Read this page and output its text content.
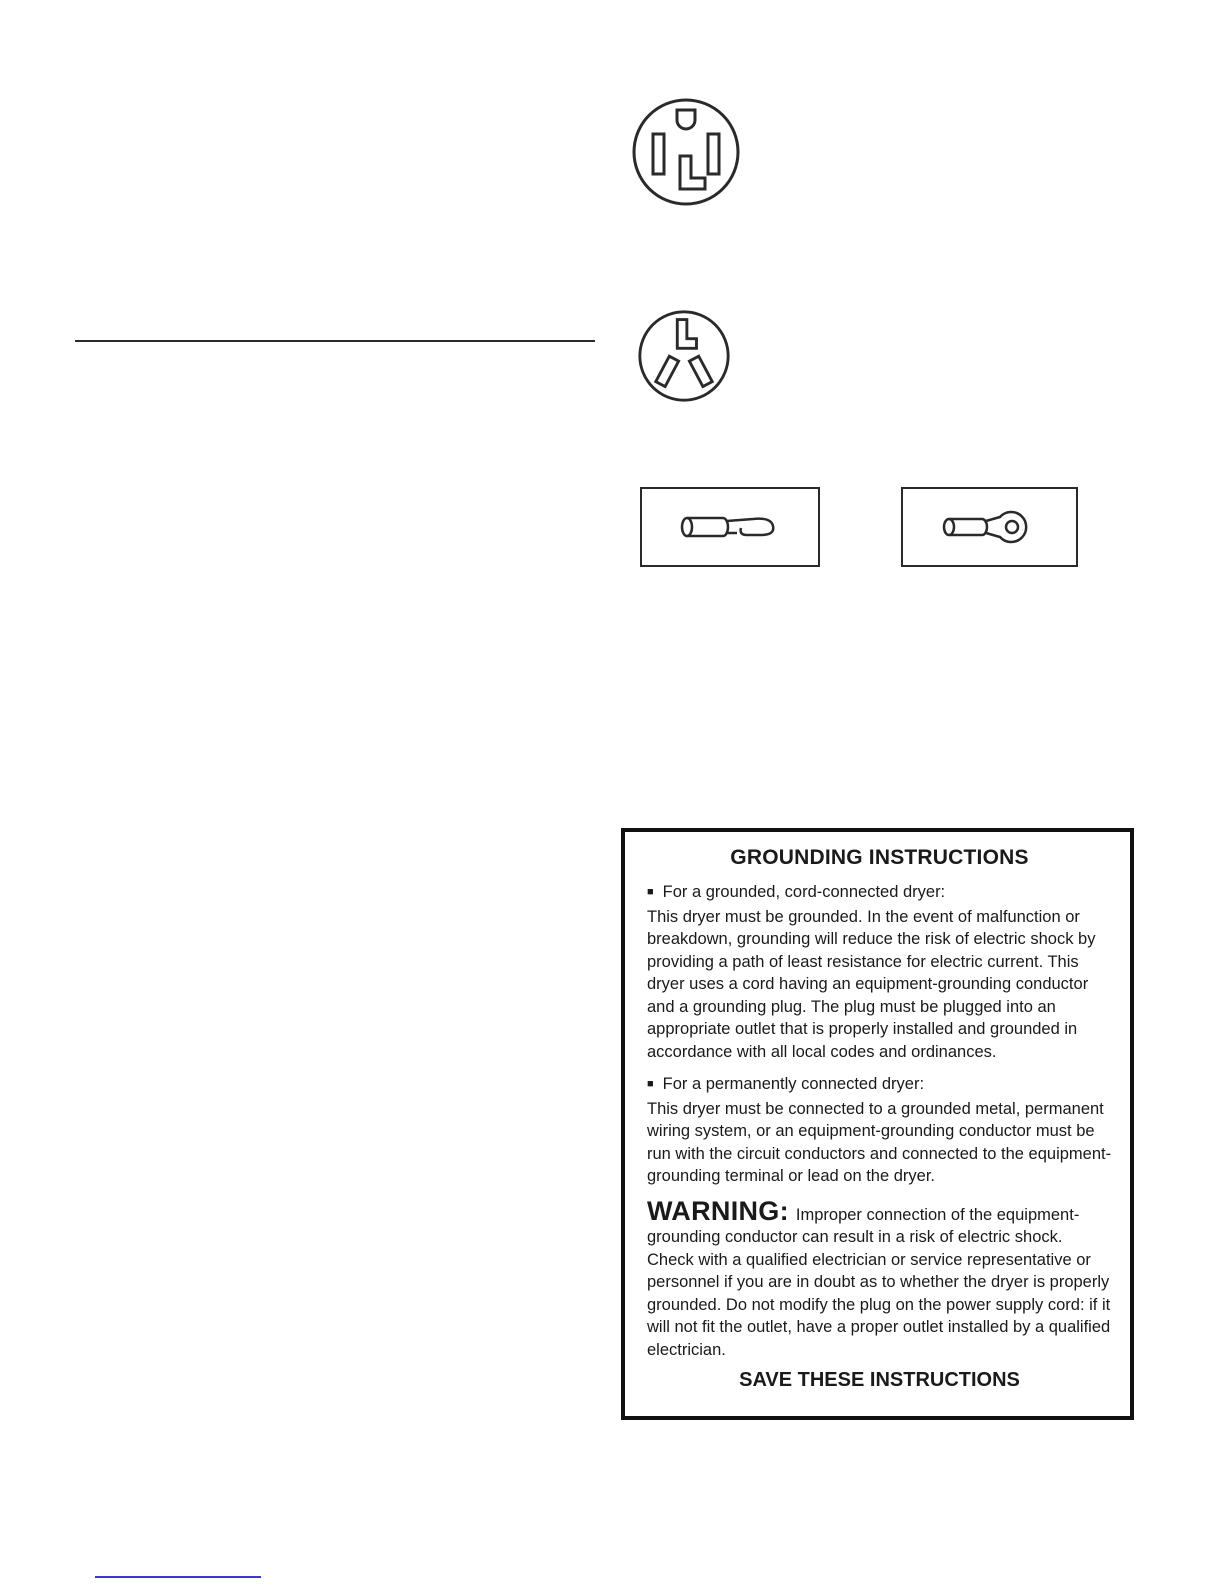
GROUNDING INSTRUCTIONS

■ For a grounded, cord-connected dryer:

This dryer must be grounded. In the event of malfunction or breakdown, grounding will reduce the risk of electric shock by providing a path of least resistance for electric current. This dryer uses a cord having an equipment-grounding conductor and a grounding plug. The plug must be plugged into an appropriate outlet that is properly installed and grounded in accordance with all local codes and ordinances.

■ For a permanently connected dryer:

This dryer must be connected to a grounded metal, permanent wiring system, or an equipment-grounding conductor must be run with the circuit conductors and connected to the equipment-grounding terminal or lead on the dryer.

WARNING: Improper connection of the equipment-grounding conductor can result in a risk of electric shock. Check with a qualified electrician or service representative or personnel if you are in doubt as to whether the dryer is properly grounded. Do not modify the plug on the power supply cord: if it will not fit the outlet, have a proper outlet installed by a qualified electrician.

SAVE THESE INSTRUCTIONS
